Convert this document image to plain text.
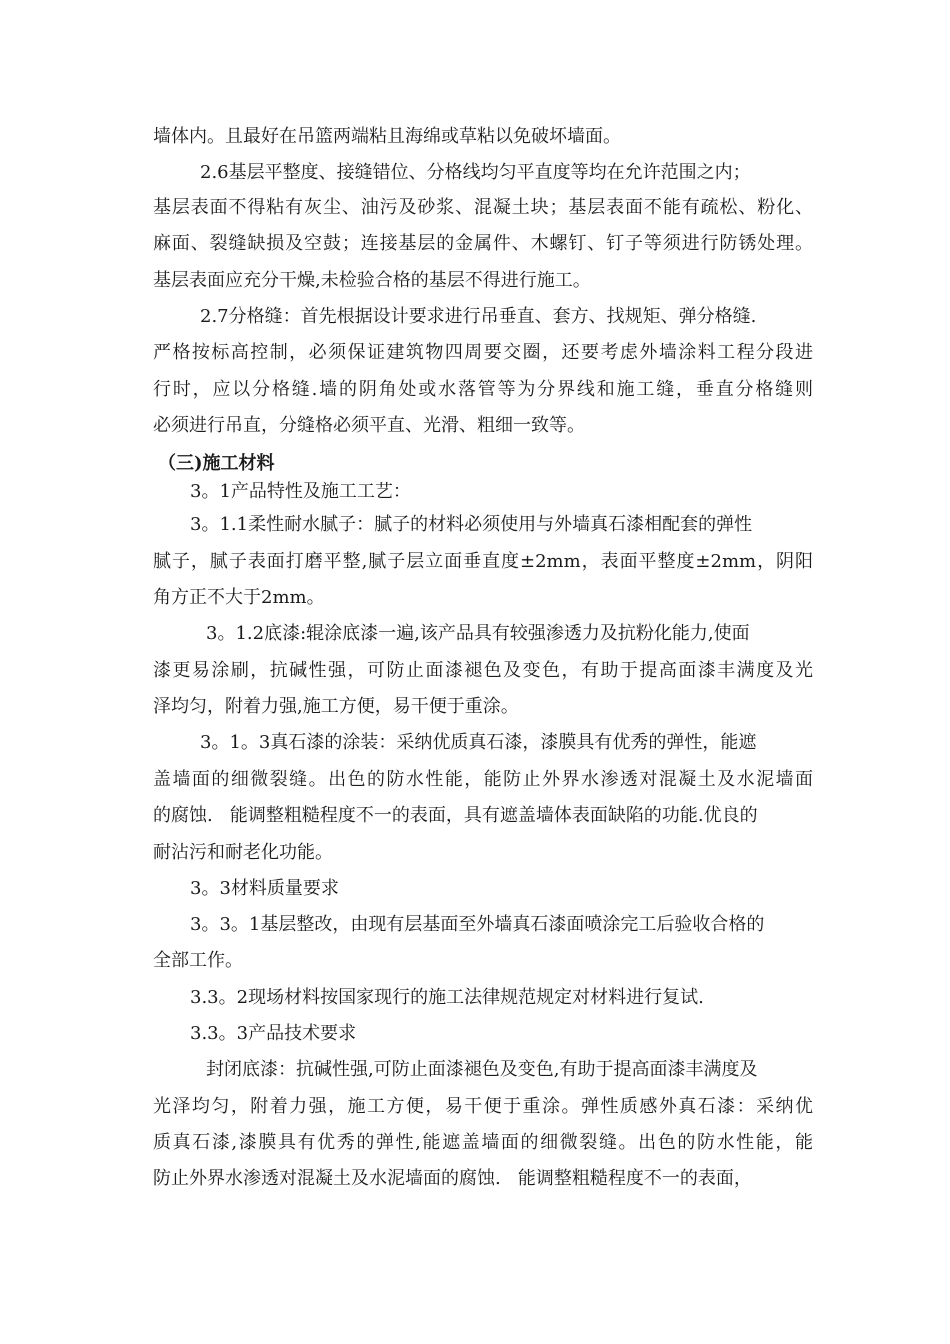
墙体内。且最好在吊篮两端粘且海绵或草粘以免破坏墙面。
2.6基层平整度、接缝错位、分格线均匀平直度等均在允许范围之内；
基层表面不得粘有灰尘、油污及砂浆、混凝土块；基层表面不能有疏松、粉化、
麻面、裂缝缺损及空鼓；连接基层的金属件、木螺钉、钉子等须进行防锈处理。
基层表面应充分干燥,未检验合格的基层不得进行施工。
2.7分格缝：首先根据设计要求进行吊垂直、套方、找规矩、弹分格缝.
严格按标高控制，必须保证建筑物四周要交圈，还要考虑外墙涂料工程分段进
行时，应以分格缝.墙的阴角处或水落管等为分界线和施工缝，垂直分格缝则
必须进行吊直，分缝格必须平直、光滑、粗细一致等。
（三)施工材料
3。1产品特性及施工工艺：
3。1.1柔性耐水腻子：腻子的材料必须使用与外墙真石漆相配套的弹性
腻子，腻子表面打磨平整,腻子层立面垂直度±2mm，表面平整度±2mm，阴阳
角方正不大于2mm。
3。1.2底漆:辊涂底漆一遍,该产品具有较强渗透力及抗粉化能力,使面
漆更易涂刷，抗碱性强，可防止面漆褪色及变色，有助于提高面漆丰满度及光
泽均匀，附着力强,施工方便，易干便于重涂。
3。1。3真石漆的涂装：采纳优质真石漆，漆膜具有优秀的弹性，能遮
盖墙面的细微裂缝。出色的防水性能，能防止外界水渗透对混凝土及水泥墙面
的腐蚀.   能调整粗糙程度不一的表面，具有遮盖墙体表面缺陷的功能.优良的
耐沾污和耐老化功能。
3。3材料质量要求
3。3。1基层整改，由现有层基面至外墙真石漆面喷涂完工后验收合格的
全部工作。
3.3。2现场材料按国家现行的施工法律规范规定对材料进行复试.
3.3。3产品技术要求
封闭底漆：抗碱性强,可防止面漆褪色及变色,有助于提高面漆丰满度及
光泽均匀，附着力强，施工方便，易干便于重涂。弹性质感外真石漆：采纳优
质真石漆,漆膜具有优秀的弹性,能遮盖墙面的细微裂缝。出色的防水性能，能
防止外界水渗透对混凝土及水泥墙面的腐蚀.   能调整粗糙程度不一的表面，
